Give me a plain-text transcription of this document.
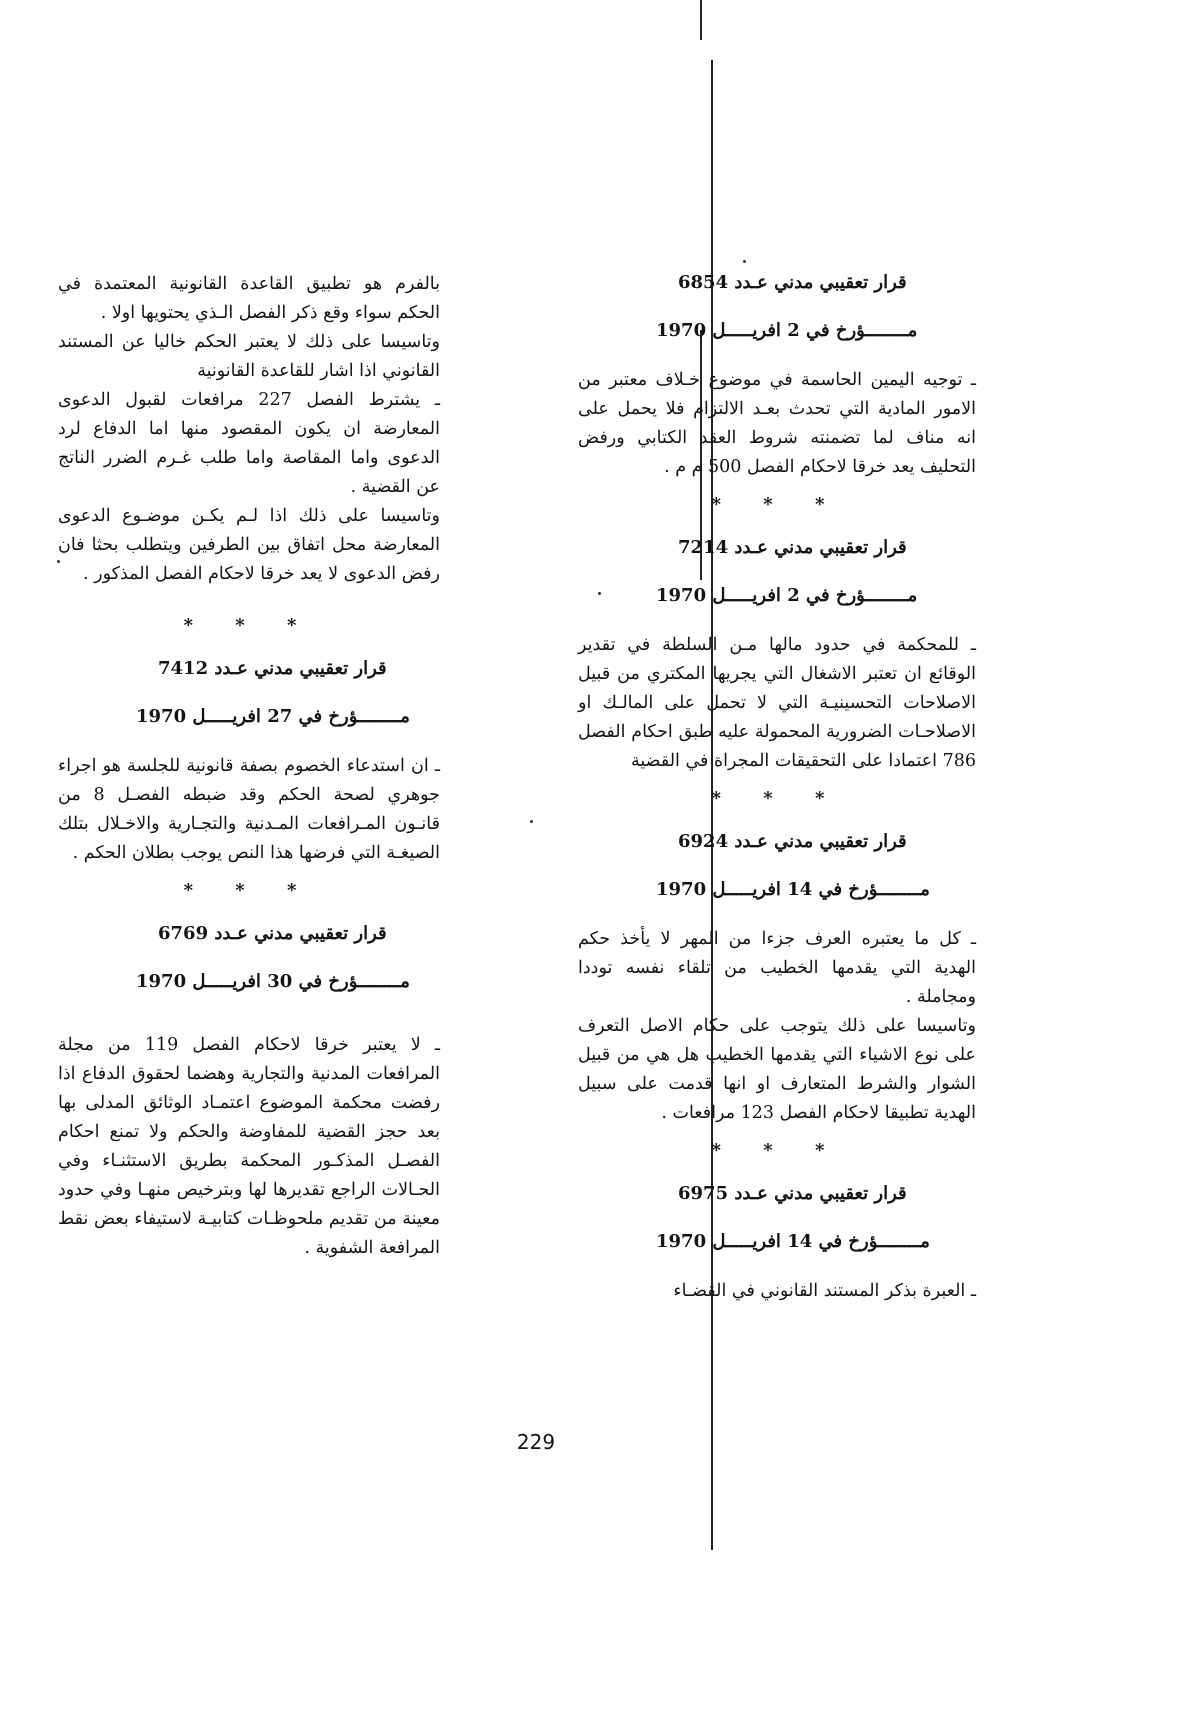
قرار تعقيبي مدني عـدد 6854
مــــــــؤرخ في 2 افريـــــل 1970

ـ توجيه اليمين الحاسمة في موضوع خـلاف معتبر من الامور المادية التي تحدث بعـد الالتزام فلا يحمل على انه مناف لما تضمنته شروط العقد الكتابي ورفض التحليف يعد خرقا لاحكام الفصل 500 م م .

* * *
قرار تعقيبي مدني عـدد 7214
مــــــــؤرخ في 2 افريـــــل 1970

ـ للمحكمة في حدود مالها مـن السلطة في تقدير الوقائع ان تعتبر الاشغال التي يجريها المكتري من قبيل الاصلاحات التحسينيـة التي لا تحمل على المالـك او الاصلاحـات الضرورية المحمولة عليه طبق احكام الفصل 786 اعتمادا على التحقيقات المجراة في القضية

* * *
قرار تعقيبي مدني عـدد 6924
مــــــــؤرخ في 14 افريـــــل 1970

ـ كل ما يعتبره العرف جزءا من المهر لا يأخذ حكم الهدية التي يقدمها الخطيب من تلقاء نفسه توددا ومجاملة .

وتاسيسا على ذلك يتوجب على حكام الاصل التعرف على نوع الاشياء التي يقدمها الخطيب هل هي من قبيل الشوار والشرط المتعارف او انها قدمت على سبيل الهدية تطبيقا لاحكام الفصل 123 مرافعات .

* * *
قرار تعقيبي مدني عـدد 6975
مــــــــؤرخ في 14 افريـــــل 1970

ـ العبرة بذكر المستند القانوني في القضـاء

بالفرم هو تطبيق القاعدة القانونية المعتمدة في الحكم سواء وقع ذكر الفصل الـذي يحتويها اولا .

وتاسيسا على ذلك لا يعتبر الحكم خاليا عن المستند القانوني اذا اشار للقاعدة القانونية

ـ يشترط الفصل 227 مرافعات لقبول الدعوى المعارضة ان يكون المقصود منها اما الدفاع لرد الدعوى واما المقاصة واما طلب غـرم الضرر الناتج عن القضية .

وتاسيسا على ذلك اذا لـم يكـن موضـوع الدعوى المعارضة محل اتفاق بين الطرفين ويتطلب بحثا فان رفض الدعوى لا يعد خرقا لاحكام الفصل المذكور .

* * *
قرار تعقيبي مدني عـدد 7412
مــــــــؤرخ في 27 افريـــــل 1970

ـ ان استدعاء الخصوم بصفة قانونية للجلسة هو اجراء جوهري لصحة الحكم وقد ضبطه الفصـل 8 من قانـون المـرافعات المـدنية والتجـارية والاخـلال بتلك الصيغـة التي فرضها هذا النص يوجب بطلان الحكم .

* * *
قرار تعقيبي مدني عـدد 6769
مــــــــؤرخ في 30 افريـــــل 1970

ـ لا يعتبر خرقا لاحكام الفصل 119 من مجلة المرافعات المدنية والتجارية وهضما لحقوق الدفاع اذا رفضت محكمة الموضوع اعتمـاد الوثائق المدلى بها بعد حجز القضية للمفاوضة والحكم ولا تمنع احكام الفصـل المذكـور المحكمة بطريق الاستثنـاء وفي الحـالات الراجع تقديرها لها وبترخيص منهـا وفي حدود معينة من تقديم ملحوظـات كتابيـة لاستيفاء بعض نقط المرافعة الشفوية .

229
